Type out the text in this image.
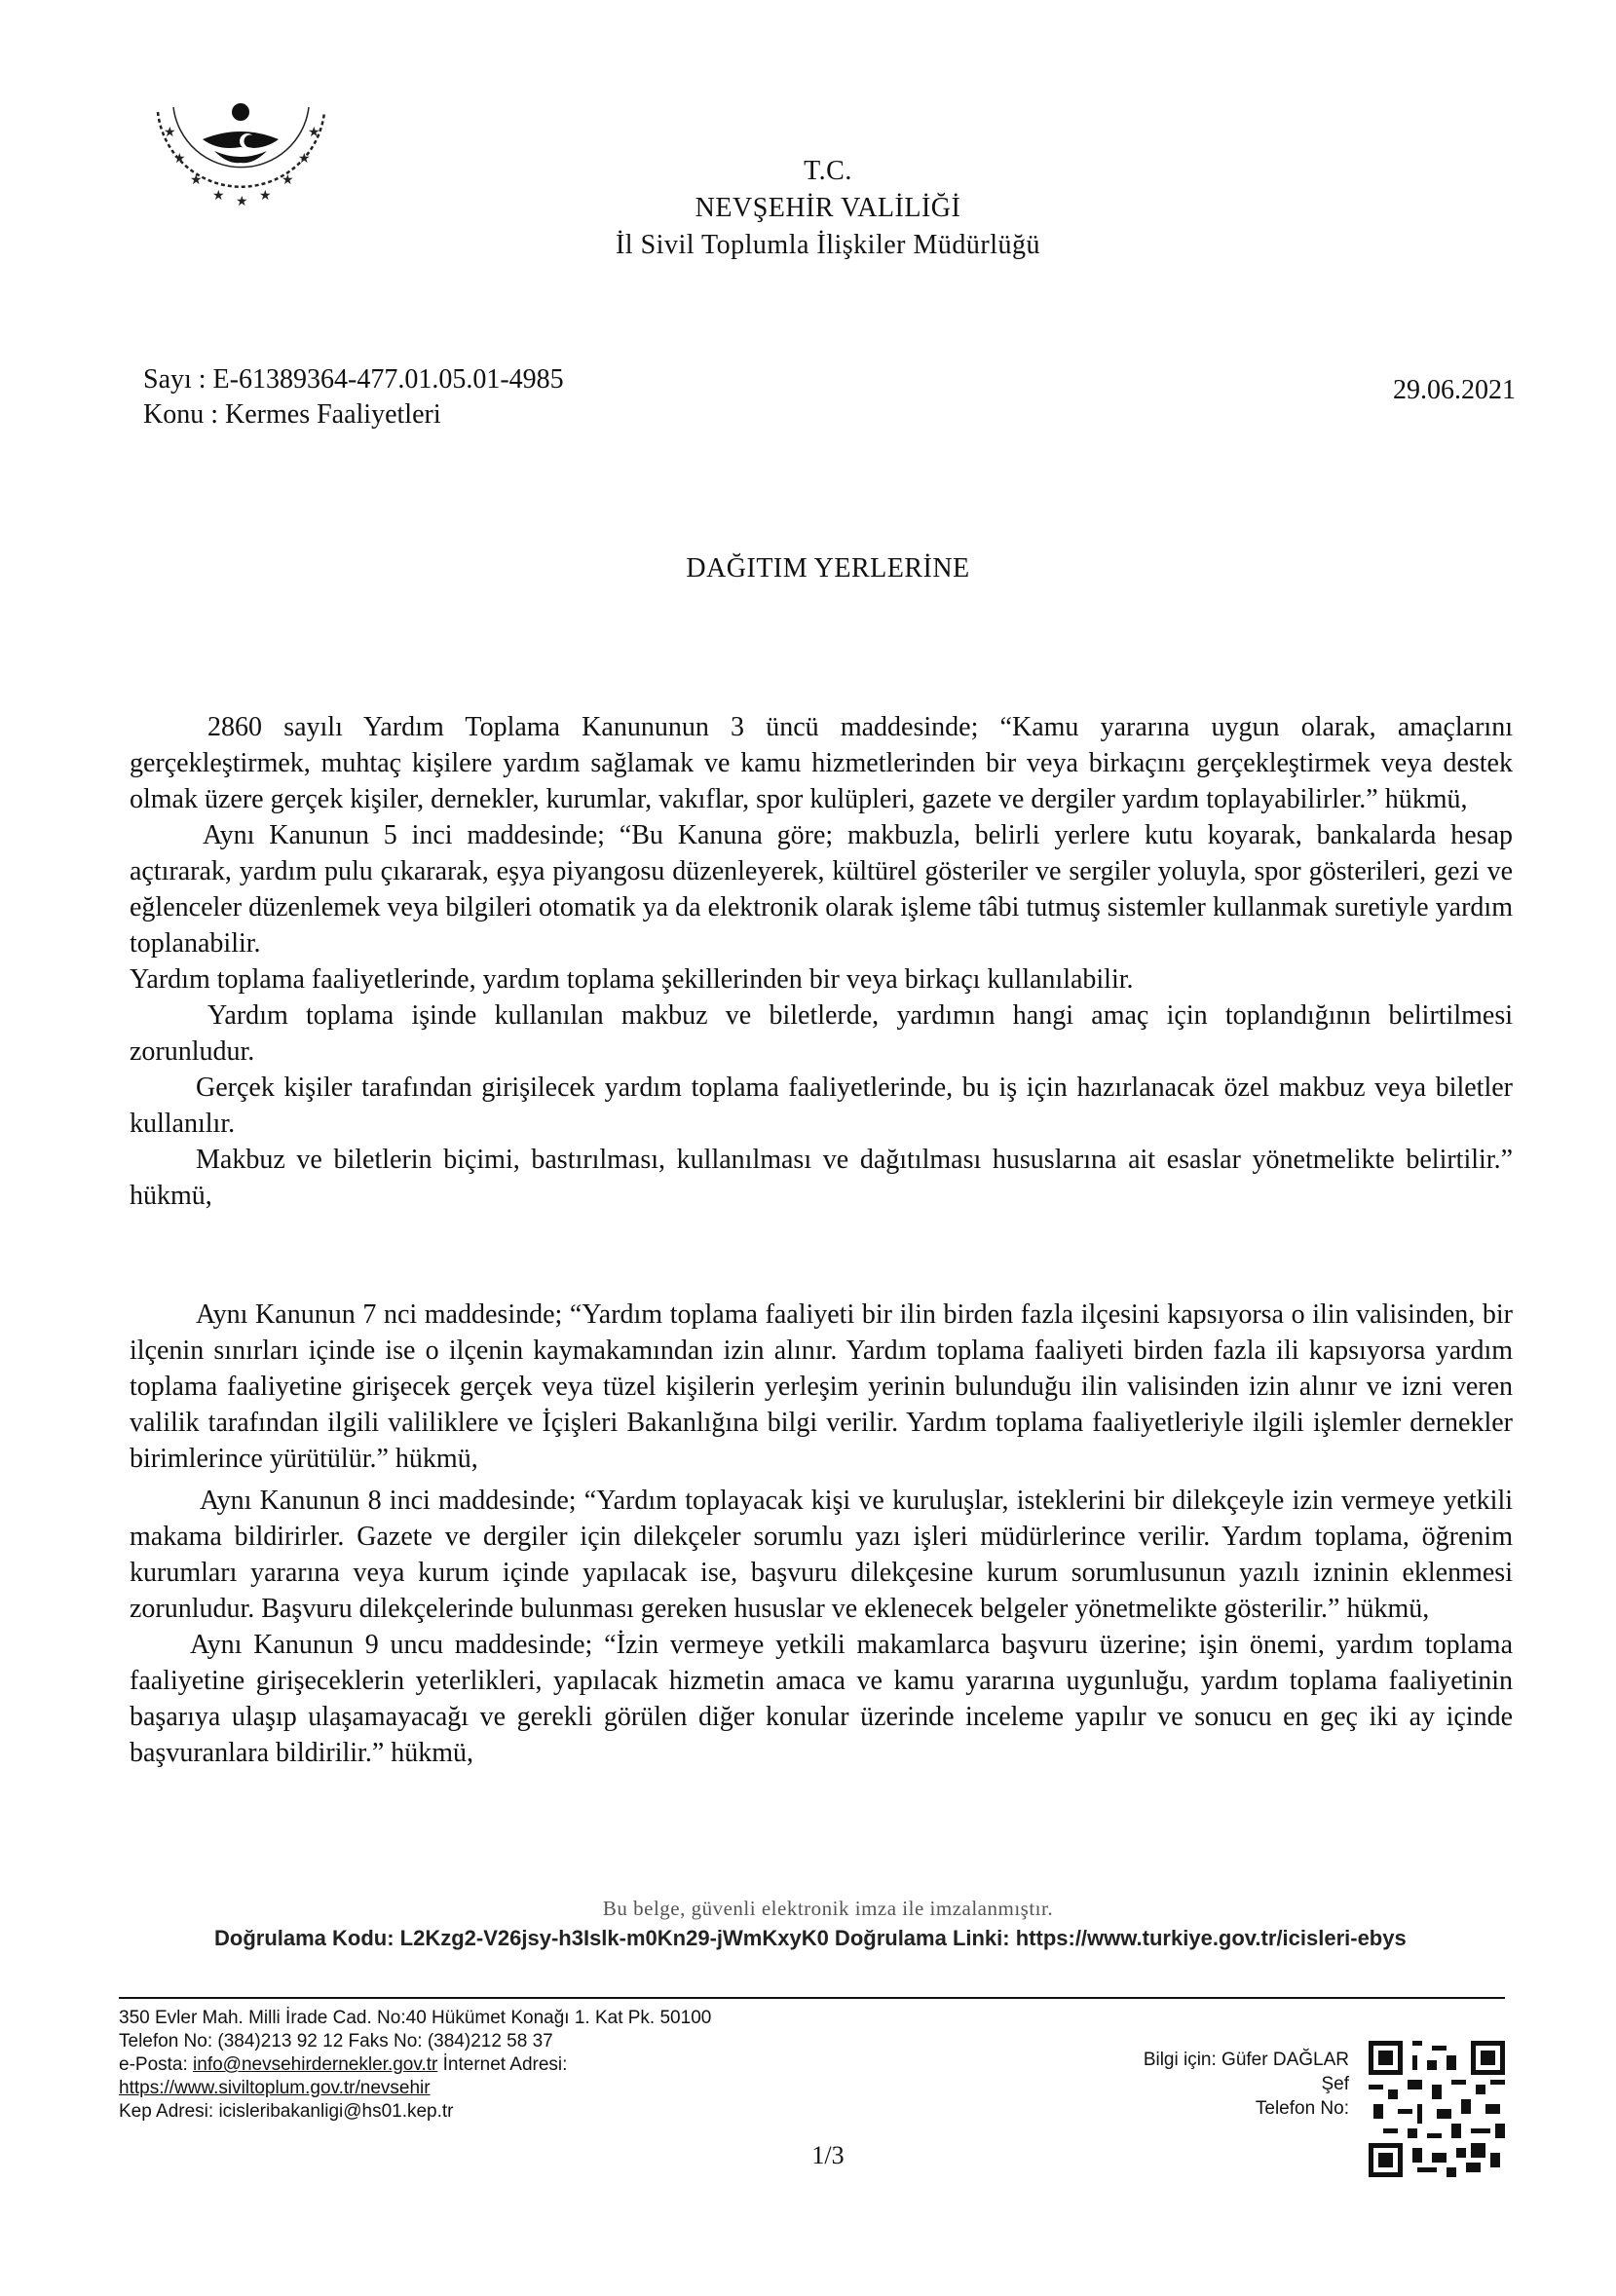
★
★
★
★ ★ ★
★
★
★
T.C.
NEVŞEHİR VALİLİĞİ
İl Sivil Toplumla İlişkiler Müdürlüğü
Sayı : E-61389364-477.01.05.01-4985
Konu : Kermes Faaliyetleri
29.06.2021
DAĞITIM YERLERİNE

2860 sayılı Yardım Toplama Kanununun 3 üncü maddesinde; “Kamu yararına uygun olarak, amaçlarını gerçekleştirmek, muhtaç kişilere yardım sağlamak ve kamu hizmetlerinden bir veya birkaçını gerçekleştirmek veya destek olmak üzere gerçek kişiler, dernekler, kurumlar, vakıflar, spor kulüpleri, gazete ve dergiler yardım toplayabilirler.” hükmü,

Aynı Kanunun 5 inci maddesinde; “Bu Kanuna göre; makbuzla, belirli yerlere kutu koyarak, bankalarda hesap açtırarak, yardım pulu çıkararak, eşya piyangosu düzenleyerek, kültürel gösteriler ve sergiler yoluyla, spor gösterileri, gezi ve eğlenceler düzenlemek veya bilgileri otomatik ya da elektronik olarak işleme tâbi tutmuş sistemler kullanmak suretiyle yardım toplanabilir.

Yardım toplama faaliyetlerinde, yardım toplama şekillerinden bir veya birkaçı kullanılabilir.

Yardım toplama işinde kullanılan makbuz ve biletlerde, yardımın hangi amaç için toplandığının belirtilmesi zorunludur.

Gerçek kişiler tarafından girişilecek yardım toplama faaliyetlerinde, bu iş için hazırlanacak özel makbuz veya biletler kullanılır.

Makbuz ve biletlerin biçimi, bastırılması, kullanılması ve dağıtılması hususlarına ait esaslar yönetmelikte belirtilir.” hükmü,

Aynı Kanunun 7 nci maddesinde; “Yardım toplama faaliyeti bir ilin birden fazla ilçesini kapsıyorsa o ilin valisinden, bir ilçenin sınırları içinde ise o ilçenin kaymakamından izin alınır. Yardım toplama faaliyeti birden fazla ili kapsıyorsa yardım toplama faaliyetine girişecek gerçek veya tüzel kişilerin yerleşim yerinin bulunduğu ilin valisinden izin alınır ve izni veren valilik tarafından ilgili valiliklere ve İçişleri Bakanlığına bilgi verilir. Yardım toplama faaliyetleriyle ilgili işlemler dernekler birimlerince yürütülür.” hükmü,

Aynı Kanunun 8 inci maddesinde; “Yardım toplayacak kişi ve kuruluşlar, isteklerini bir dilekçeyle izin vermeye yetkili makama bildirirler. Gazete ve dergiler için dilekçeler sorumlu yazı işleri müdürlerince verilir. Yardım toplama, öğrenim kurumları yararına veya kurum içinde yapılacak ise, başvuru dilekçesine kurum sorumlusunun yazılı izninin eklenmesi zorunludur. Başvuru dilekçelerinde bulunması gereken hususlar ve eklenecek belgeler yönetmelikte gösterilir.” hükmü,

Aynı Kanunun 9 uncu maddesinde; “İzin vermeye yetkili makamlarca başvuru üzerine; işin önemi, yardım toplama faaliyetine girişeceklerin yeterlikleri, yapılacak hizmetin amaca ve kamu yararına uygunluğu, yardım toplama faaliyetinin başarıya ulaşıp ulaşamayacağı ve gerekli görülen diğer konular üzerinde inceleme yapılır ve sonucu en geç iki ay içinde başvuranlara bildirilir.” hükmü,

Bu belge, güvenli elektronik imza ile imzalanmıştır.
Doğrulama Kodu: L2Kzg2-V26jsy-h3Islk-m0Kn29-jWmKxyK0 Doğrulama Linki: https://www.turkiye.gov.tr/icisleri-ebys
350 Evler Mah. Milli İrade Cad. No:40 Hükümet Konağı 1. Kat Pk. 50100
Telefon No: (384)213 92 12 Faks No: (384)212 58 37
e-Posta: info@nevsehirdernekler.gov.tr İnternet Adresi:
https://www.siviltoplum.gov.tr/nevsehir
Kep Adresi: icisleribakanligi@hs01.kep.tr
Bilgi için: Güfer DAĞLAR
Şef
Telefon No:
1/3
